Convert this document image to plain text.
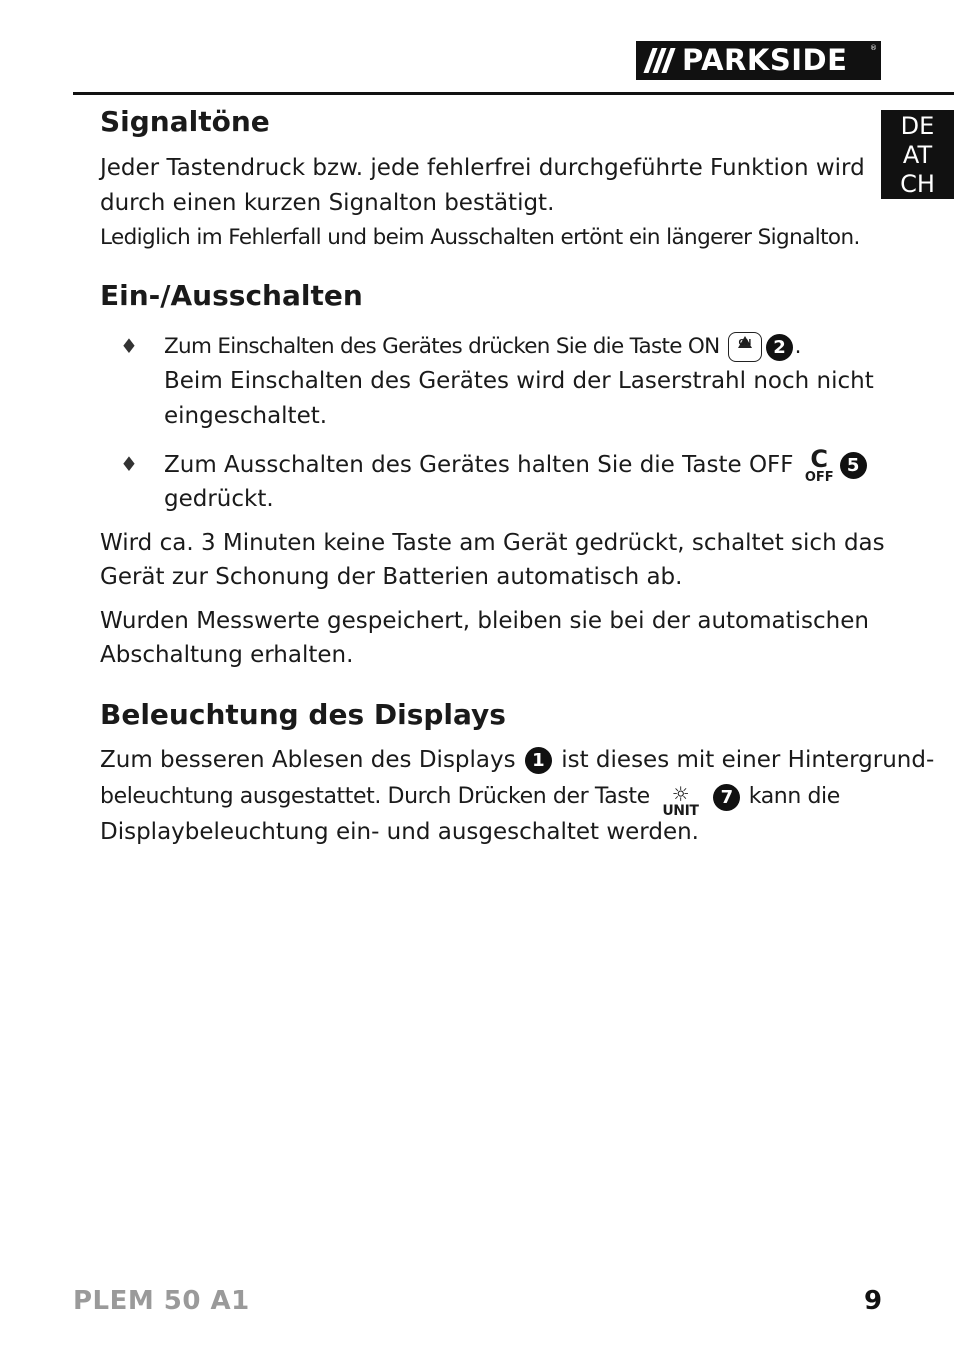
PARKSIDE	®
DE
AT
CH
Signaltöne

Jeder Tastendruck bzw. jede fehlerfrei durchgeführte Funktion wird

durch einen kurzen Signalton bestätigt.

Lediglich im Fehlerfall und beim Ausschalten ertönt ein längerer Signalton.

Ein-/Ausschalten
♦ Zum Einschalten des Gerätes drücken Sie die Taste ON	ON	2 .

Beim Einschalten des Gerätes wird der Laserstrahl noch nicht

eingeschaltet.

♦ Zum Ausschalten des Gerätes halten Sie die Taste OFF C
OFF
5

gedrückt.

Wird ca. 3 Minuten keine Taste am Gerät gedrückt, schaltet sich das

Gerät zur Schonung der Batterien automatisch ab.

Wurden Messwerte gespeichert, bleiben sie bei der automatischen

Abschaltung erhalten.

Beleuchtung des Displays

Zum besseren Ablesen des Displays 1 ist dieses mit einer Hintergrund-

beleuchtung ausgestattet. Durch Drücken der Taste	☼
UNIT
7 kann die

Displaybeleuchtung ein- und ausgeschaltet werden.

PLEM 50 A1	9
